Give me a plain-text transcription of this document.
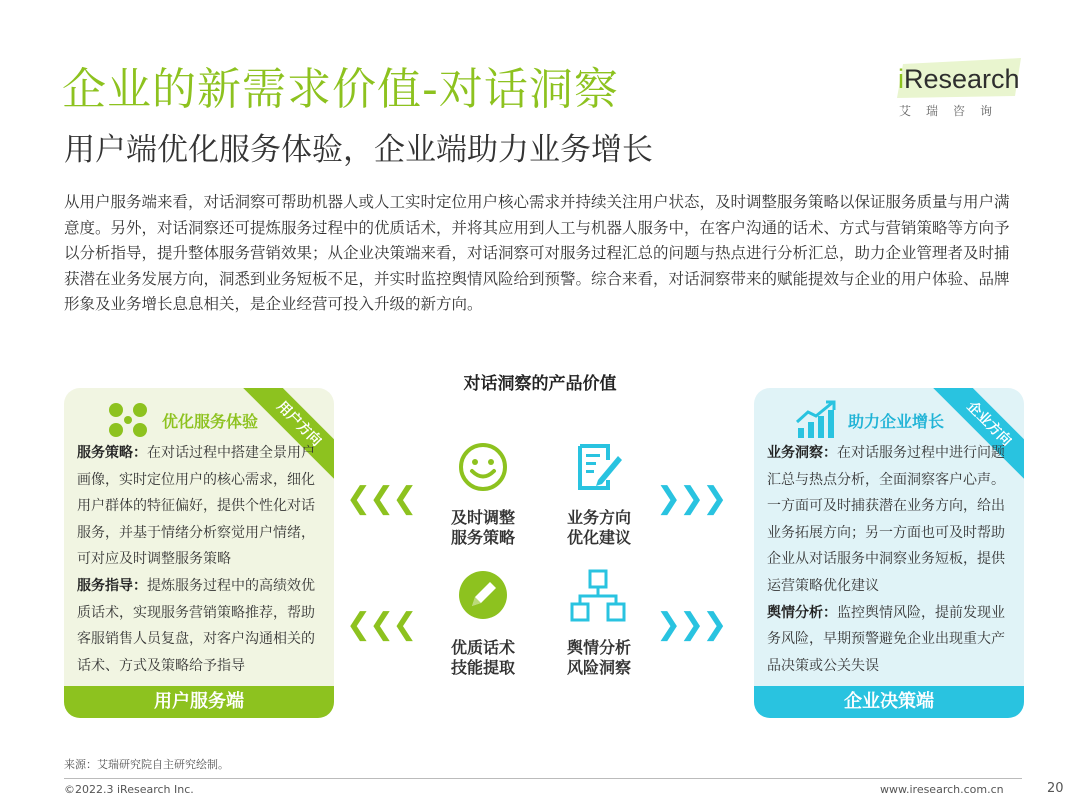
企业的新需求价值-对话洞察
用户端优化服务体验，企业端助力业务增长
iResearch
艾瑞咨询
从用户服务端来看，对话洞察可帮助机器人或人工实时定位用户核心需求并持续关注用户状态，及时调整服务策略以保证服务质量与用户满意度。另外，对话洞察还可提炼服务过程中的优质话术，并将其应用到人工与机器人服务中，在客户沟通的话术、方式与营销策略等方向予以分析指导，提升整体服务营销效果；从企业决策端来看，对话洞察可对服务过程汇总的问题与热点进行分析汇总，助力企业管理者及时捕获潜在业务发展方向，洞悉到业务短板不足，并实时监控舆情风险给到预警。综合来看，对话洞察带来的赋能提效与企业的用户体验、品牌形象及业务增长息息相关，是企业经营可投入升级的新方向。
对话洞察的产品价值
用户方向
优化服务体验
服务策略：在对话过程中搭建全景用户画像，实时定位用户的核心需求，细化用户群体的特征偏好，提供个性化对话服务，并基于情绪分析察觉用户情绪，可对应及时调整服务策略
服务指导：提炼服务过程中的高绩效优质话术，实现服务营销策略推荐，帮助客服销售人员复盘，对客户沟通相关的话术、方式及策略给予指导
用户服务端
企业方向
助力企业增长
业务洞察：在对话服务过程中进行问题汇总与热点分析，全面洞察客户心声。一方面可及时捕获潜在业务方向，给出业务拓展方向；另一方面也可及时帮助企业从对话服务中洞察业务短板，提供运营策略优化建议
舆情分析：监控舆情风险，提前发现业务风险，早期预警避免企业出现重大产品决策或公关失误
企业决策端
❮❮❮
❮❮❮
❯❯❯
❯❯❯
及时调整
服务策略
业务方向
优化建议
优质话术
技能提取
舆情分析
风险洞察
来源：艾瑞研究院自主研究绘制。
©2022.3 iResearch Inc.	www.iresearch.com.cn	20
